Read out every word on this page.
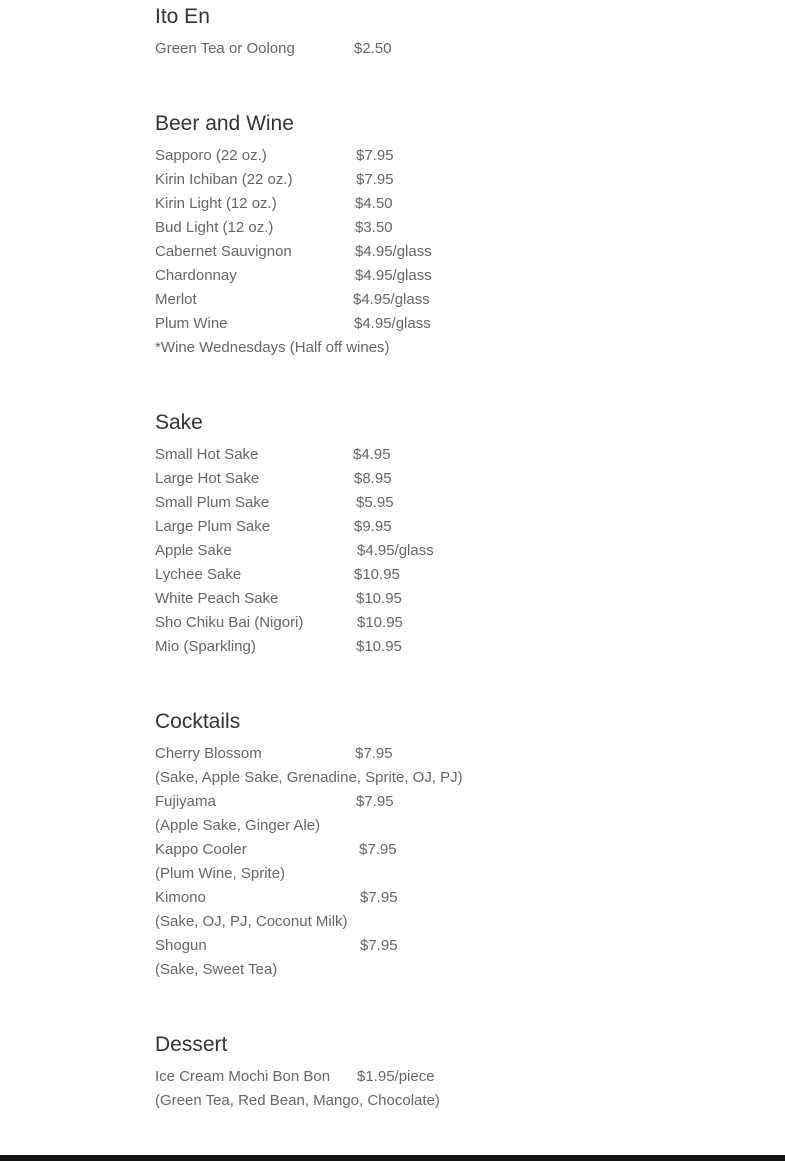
Ito En
Green Tea or Oolong	$2.50
Beer and Wine
Sapporo (22 oz.)	$7.95
Kirin Ichiban (22 oz.)	$7.95
Kirin Light (12 oz.)	$4.50
Bud Light (12 oz.)	$3.50
Cabernet Sauvignon	$4.95/glass
Chardonnay	$4.95/glass
Merlot	$4.95/glass
Plum Wine	$4.95/glass
*Wine Wednesdays (Half off wines)
Sake
Small Hot Sake	$4.95
Large Hot Sake	$8.95
Small Plum Sake	$5.95
Large Plum Sake	$9.95
Apple Sake	$4.95/glass
Lychee Sake	$10.95
White Peach Sake	$10.95
Sho Chiku Bai (Nigori)	$10.95
Mio (Sparkling)	$10.95
Cocktails
Cherry Blossom	$7.95
(Sake, Apple Sake, Grenadine, Sprite, OJ, PJ)
Fujiyama	$7.95
(Apple Sake, Ginger Ale)
Kappo Cooler	$7.95
(Plum Wine, Sprite)
Kimono	$7.95
(Sake, OJ, PJ, Coconut Milk)
Shogun	$7.95
(Sake, Sweet Tea)
Dessert
Ice Cream Mochi Bon Bon $1.95/piece
(Green Tea, Red Bean, Mango, Chocolate)
